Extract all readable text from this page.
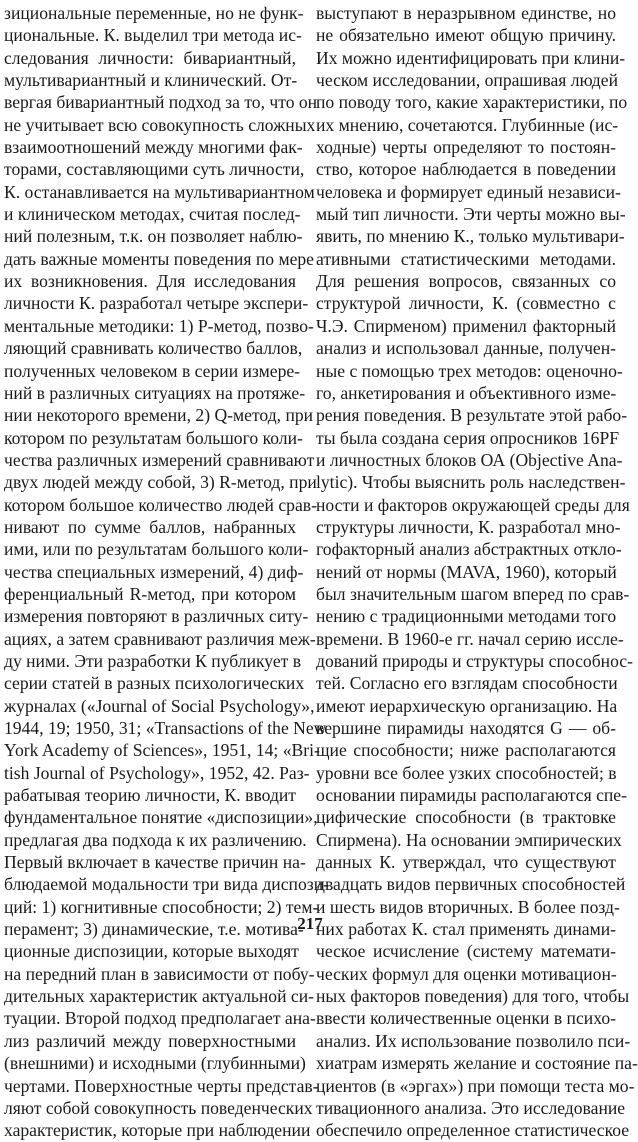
зициональные переменные, но не функ-
циональные. К. выделил три метода ис-
следования личности: бивариантный,
мультивариантный и клинический. От-
вергая бивариантный подход за то, что он
не учитывает всю совокупность сложных
взаимоотношений между многими фак-
торами, составляющими суть личности,
К. останавливается на мультивариантном
и клиническом методах, считая послед-
ний полезным, т.к. он позволяет наблю-
дать важные моменты поведения по мере
их возникновения. Для исследования
личности К. разработал четыре экспери-
ментальные методики: 1) P-метод, позво-
ляющий сравнивать количество баллов,
полученных человеком в серии измере-
ний в различных ситуациях на протяже-
нии некоторого времени, 2) Q-метод, при
котором по результатам большого коли-
чества различных измерений сравнивают
двух людей между собой, 3) R-метод, при
котором большое количество людей срав-
нивают по сумме баллов, набранных
ими, или по результатам большого коли-
чества специальных измерений, 4) диф-
ференциальный R-метод, при котором
измерения повторяют в различных ситу-
ациях, а затем сравнивают различия меж-
ду ними. Эти разработки К публикует в
серии статей в разных психологических
журналах («Journal of Social Psychology»,
1944, 19; 1950, 31; «Transactions of the New
York Academy of Sciences», 1951, 14; «Bri-
tish Journal of Psychology», 1952, 42. Раз-
рабатывая теорию личности, К. вводит
фундаментальное понятие «диспозиции»,
предлагая два подхода к их различению.
Первый включает в качестве причин на-
блюдаемой модальности три вида диспози-
ций: 1) когнитивные способности; 2) тем-
перамент; 3) динамические, т.е. мотива-
ционные диспозиции, которые выходят
на передний план в зависимости от побу-
дительных характеристик актуальной си-
туации. Второй подход предполагает ана-
лиз различий между поверхностными
(внешними) и исходными (глубинными)
чертами. Поверхностные черты представ-
ляют собой совокупность поведенческих
характеристик, которые при наблюдении
выступают в неразрывном единстве, но
не обязательно имеют общую причину.
Их можно идентифицировать при клини-
ческом исследовании, опрашивая людей
по поводу того, какие характеристики, по
их мнению, сочетаются. Глубинные (ис-
ходные) черты определяют то постоян-
ство, которое наблюдается в поведении
человека и формирует единый независи-
мый тип личности. Эти черты можно вы-
явить, по мнению К., только мультивари-
ативными статистическими методами.
Для решения вопросов, связанных со
структурой личности, К. (совместно с
Ч.Э. Спирменом) применил факторный
анализ и использовал данные, получен-
ные с помощью трех методов: оценочно-
го, анкетирования и объективного изме-
рения поведения. В результате этой рабо-
ты была создана серия опросников 16PF
и личностных блоков ОА (Objective Ana-
lytic). Чтобы выяснить роль наследствен-
ности и факторов окружающей среды для
структуры личности, К. разработал мно-
гофакторный анализ абстрактных откло-
нений от нормы (MAVA, 1960), который
был значительным шагом вперед по срав-
нению с традиционными методами того
времени. В 1960-е гг. начал серию иссле-
дований природы и структуры способнос-
тей. Согласно его взглядам способности
имеют иерархическую организацию. На
вершине пирамиды находятся G — об-
щие способности; ниже располагаются
уровни все более узких способностей; в
основании пирамиды располагаются спе-
цифические способности (в трактовке
Спирмена). На основании эмпирических
данных К. утверждал, что существуют
двадцать видов первичных способностей
и шесть видов вторичных. В более позд-
них работах К. стал применять динами-
ческое исчисление (систему математи-
ческих формул для оценки мотивацион-
ных факторов поведения) для того, чтобы
ввести количественные оценки в психо-
анализ. Их использование позволило пси-
хиатрам измерять желание и состояние па-
циентов (в «эргах») при помощи теста мо-
тивационного анализа. Это исследование
обеспечило определенное статистическое
217
